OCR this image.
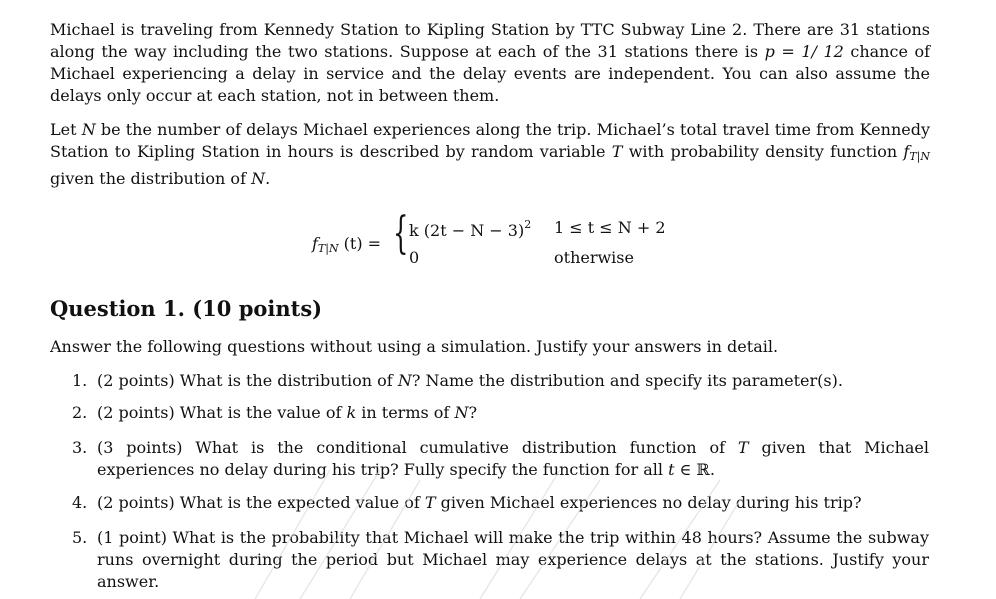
Michael is traveling from Kennedy Station to Kipling Station by TTC Subway Line 2. There are 31 stations along the way including the two stations. Suppose at each of the 31 stations there is p = 1/ 12 chance of Michael experiencing a delay in service and the delay events are independent. You can also assume the delays only occur at each station, not in between them.
Let N be the number of delays Michael experiences along the trip. Michael’s total travel time from Kennedy Station to Kipling Station in hours is described by random variable T with probability density function $f_{T|N}$ given the distribution of N.
$f_{T|N}$ (t) = { k $(2t - N - 3)^2$ 1 ≤ t ≤ N + 2
0	otherwise
Question 1. (10 points)
Answer the following questions without using a simulation. Justify your answers in detail.
1. (2 points) What is the distribution of N? Name the distribution and specify its parameter(s).
2. (2 points) What is the value of k in terms of N?
3. (3 points) What is the conditional cumulative distribution function of T given that Michael experiences no delay during his trip? Fully specify the function for all t ∈ ℝ.
4. (2 points) What is the expected value of T given Michael experiences no delay during his trip?
5. (1 point) What is the probability that Michael will make the trip within 48 hours? Assume the subway runs overnight during the period but Michael may experience delays at the stations. Justify your answer.
